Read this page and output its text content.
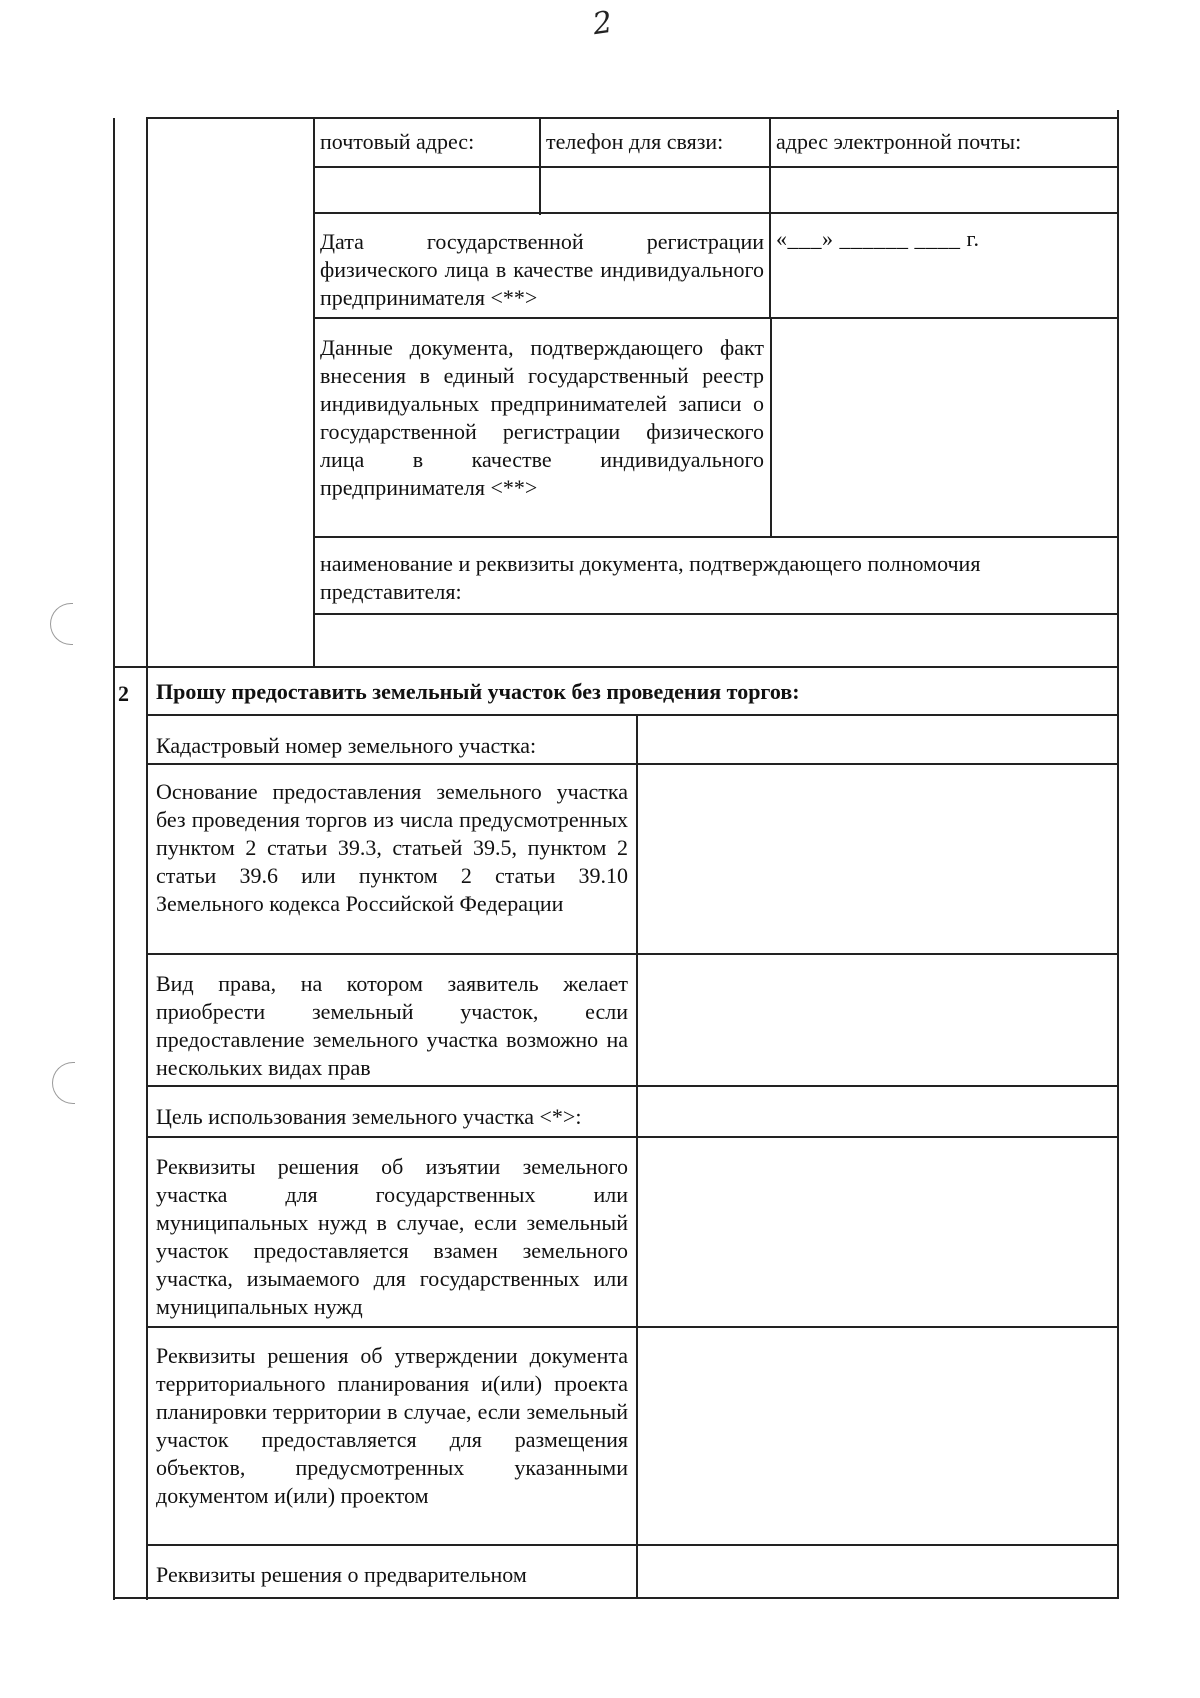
2
почтовый адрес:	телефон для связи:	адрес электронной почты:
Дата государственной регистрации физического лица в качестве индивидуального предпринимателя <**>
«___» ______ ____ г.
Данные документа, подтверждающего факт внесения в единый государственный реестр индивидуальных предпринимателей записи о государственной регистрации физического лица в качестве индивидуального предпринимателя <**>
наименование и реквизиты документа, подтверждающего полномочия представителя:
2	Прошу предоставить земельный участок без проведения торгов:
Кадастровый номер земельного участка:
Основание предоставления земельного участка без проведения торгов из числа предусмотренных пунктом 2 статьи 39.3, статьей 39.5, пунктом 2 статьи 39.6 или пунктом 2 статьи 39.10 Земельного кодекса Российской Федерации
Вид права, на котором заявитель желает приобрести земельный участок, если предоставление земельного участка возможно на нескольких видах прав
Цель использования земельного участка <*>:
Реквизиты решения об изъятии земельного участка для государственных или муниципальных нужд в случае, если земельный участок предоставляется взамен земельного участка, изымаемого для государственных или муниципальных нужд
Реквизиты решения об утверждении документа территориального планирования и(или) проекта планировки территории в случае, если земельный участок предоставляется для размещения объектов, предусмотренных указанными документом и(или) проектом
Реквизиты решения о предварительном
